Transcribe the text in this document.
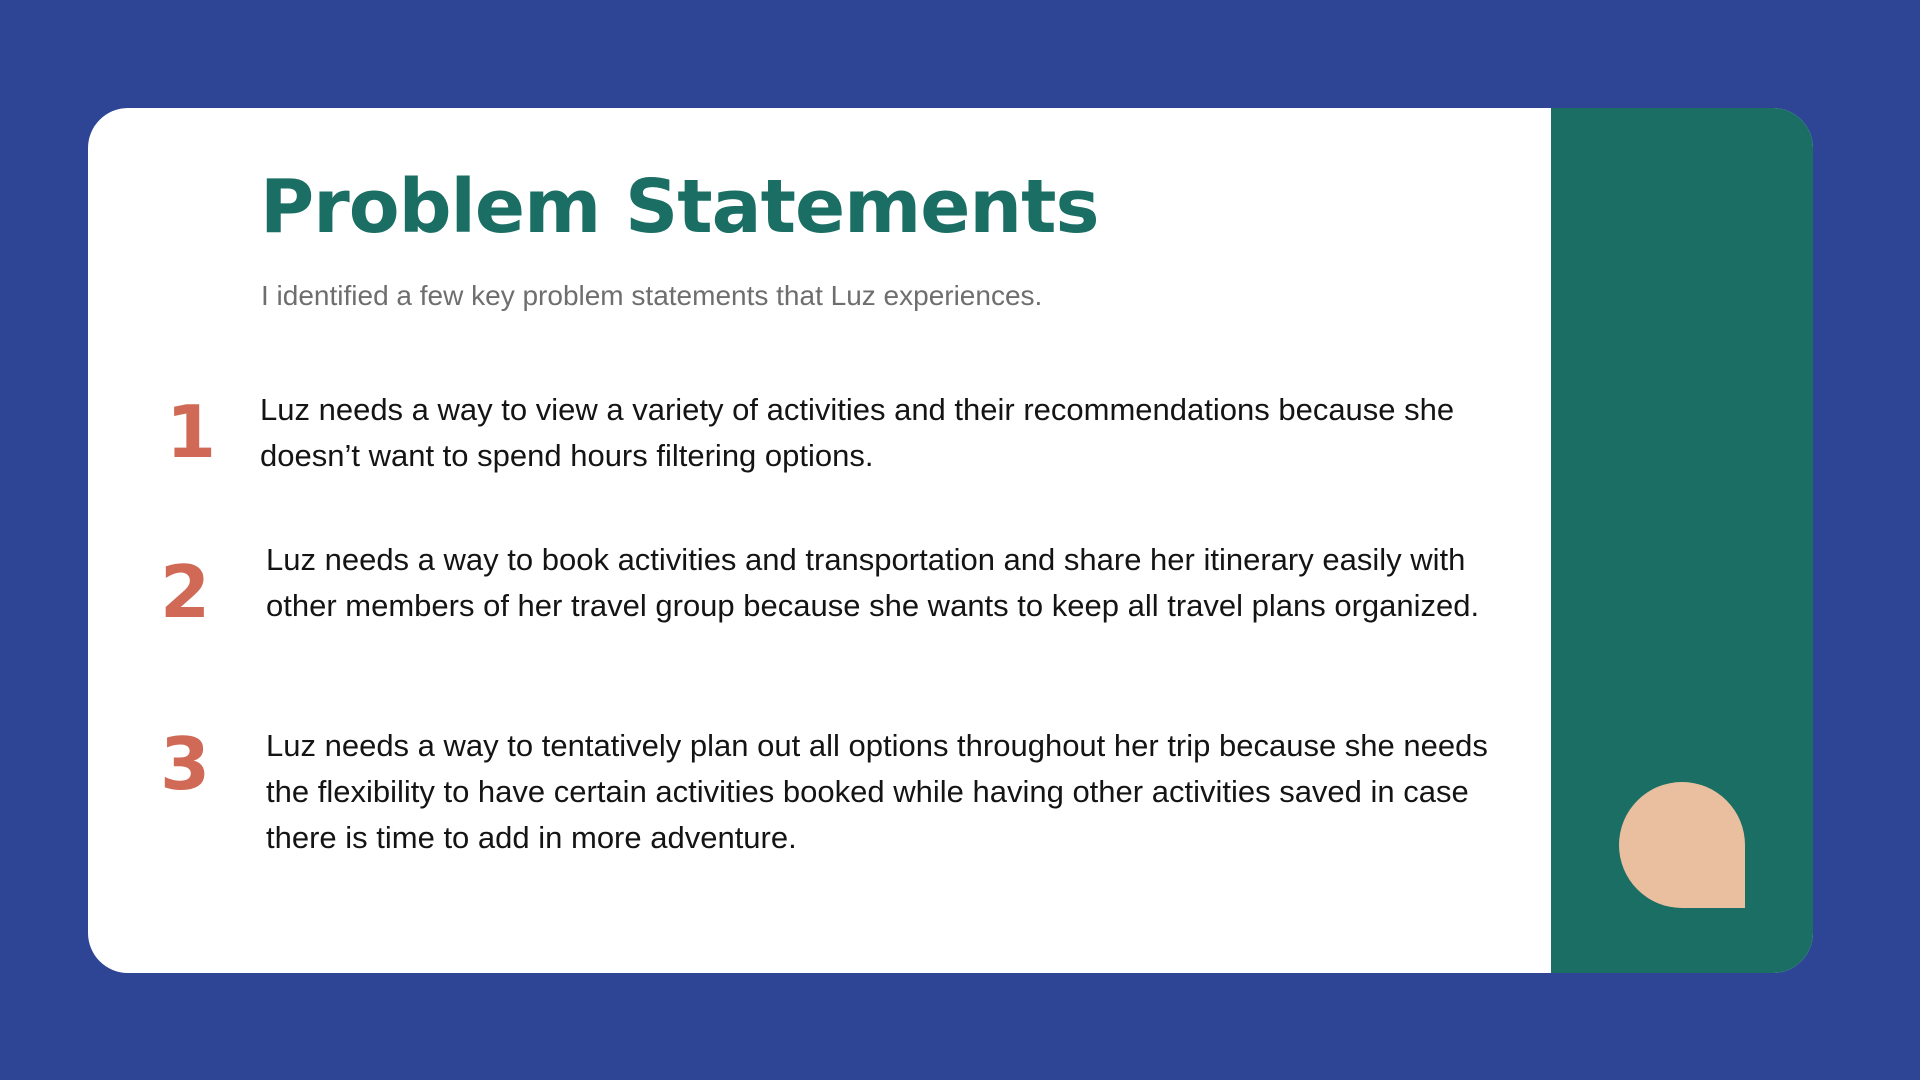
Problem Statements

I identified a few key problem statements that Luz experiences.

1 Luz needs a way to view a variety of activities and their recommendations because she doesn’t want to spend hours filtering options.

2 Luz needs a way to book activities and transportation and share her itinerary easily with other members of her travel group because she wants to keep all travel plans organized.

3 Luz needs a way to tentatively plan out all options throughout her trip because she needs the flexibility to have certain activities booked while having other activities saved in case there is time to add in more adventure.
